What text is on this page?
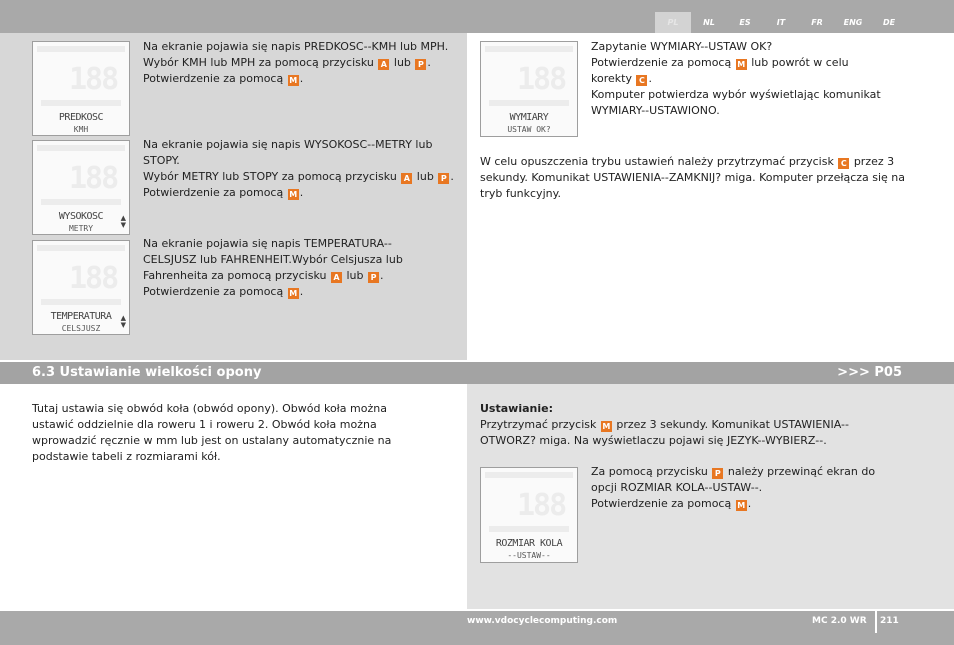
PL	NL	ES	IT	FR	ENG	DE
188
PREDKOSC
KMH

Na ekranie pojawia się napis PREDKOSC--KMH lub MPH.

Wybór KMH lub MPH za pomocą przycisku A lub P .

Potwierdzenie za pomocą M .

188
WYSOKOSC
METRY
▲
▼

Na ekranie pojawia się napis WYSOKOSC--METRY lub STOPY.

Wybór METRY lub STOPY za pomocą przycisku A lub P . Potwierdzenie za pomocą M .

188
TEMPERATURA
CELSJUSZ
▲
▼

Na ekranie pojawia się napis TEMPERATURA--CELSJUSZ lub FAHRENHEIT.Wybór Celsjusza lub Fahrenheita za pomocą przycisku A lub P .

Potwierdzenie za pomocą M .

188
WYMIARY
USTAW OK?

Zapytanie WYMIARY--USTAW OK?

Potwierdzenie za pomocą M lub powrót w celu korekty C .

Komputer potwierdza wybór wyświetlając komunikat WYMIARY--USTAWIONO.

W celu opuszczenia trybu ustawień należy przytrzymać przycisk C przez 3 sekundy. Komunikat USTAWIENIA--ZAMKNIJ? miga. Komputer przełącza się na tryb funkcyjny.

6.3 Ustawianie wielkości opony	>>> P05

Tutaj ustawia się obwód koła (obwód opony). Obwód koła można ustawić oddzielnie dla roweru 1 i roweru 2. Obwód koła można wprowadzić ręcznie w mm lub jest on ustalany automatycznie na podstawie tabeli z rozmiarami kół.

Ustawianie:

Przytrzymać przycisk M przez 3 sekundy. Komunikat USTAWIENIA--OTWORZ? miga. Na wyświetlaczu pojawi się JEZYK--WYBIERZ--.

188
ROZMIAR KOLA
--USTAW--

Za pomocą przycisku P należy przewinąć ekran do opcji ROZMIAR KOLA--USTAW--.

Potwierdzenie za pomocą M .

www.vdocyclecomputing.com	MC 2.0 WR 211
